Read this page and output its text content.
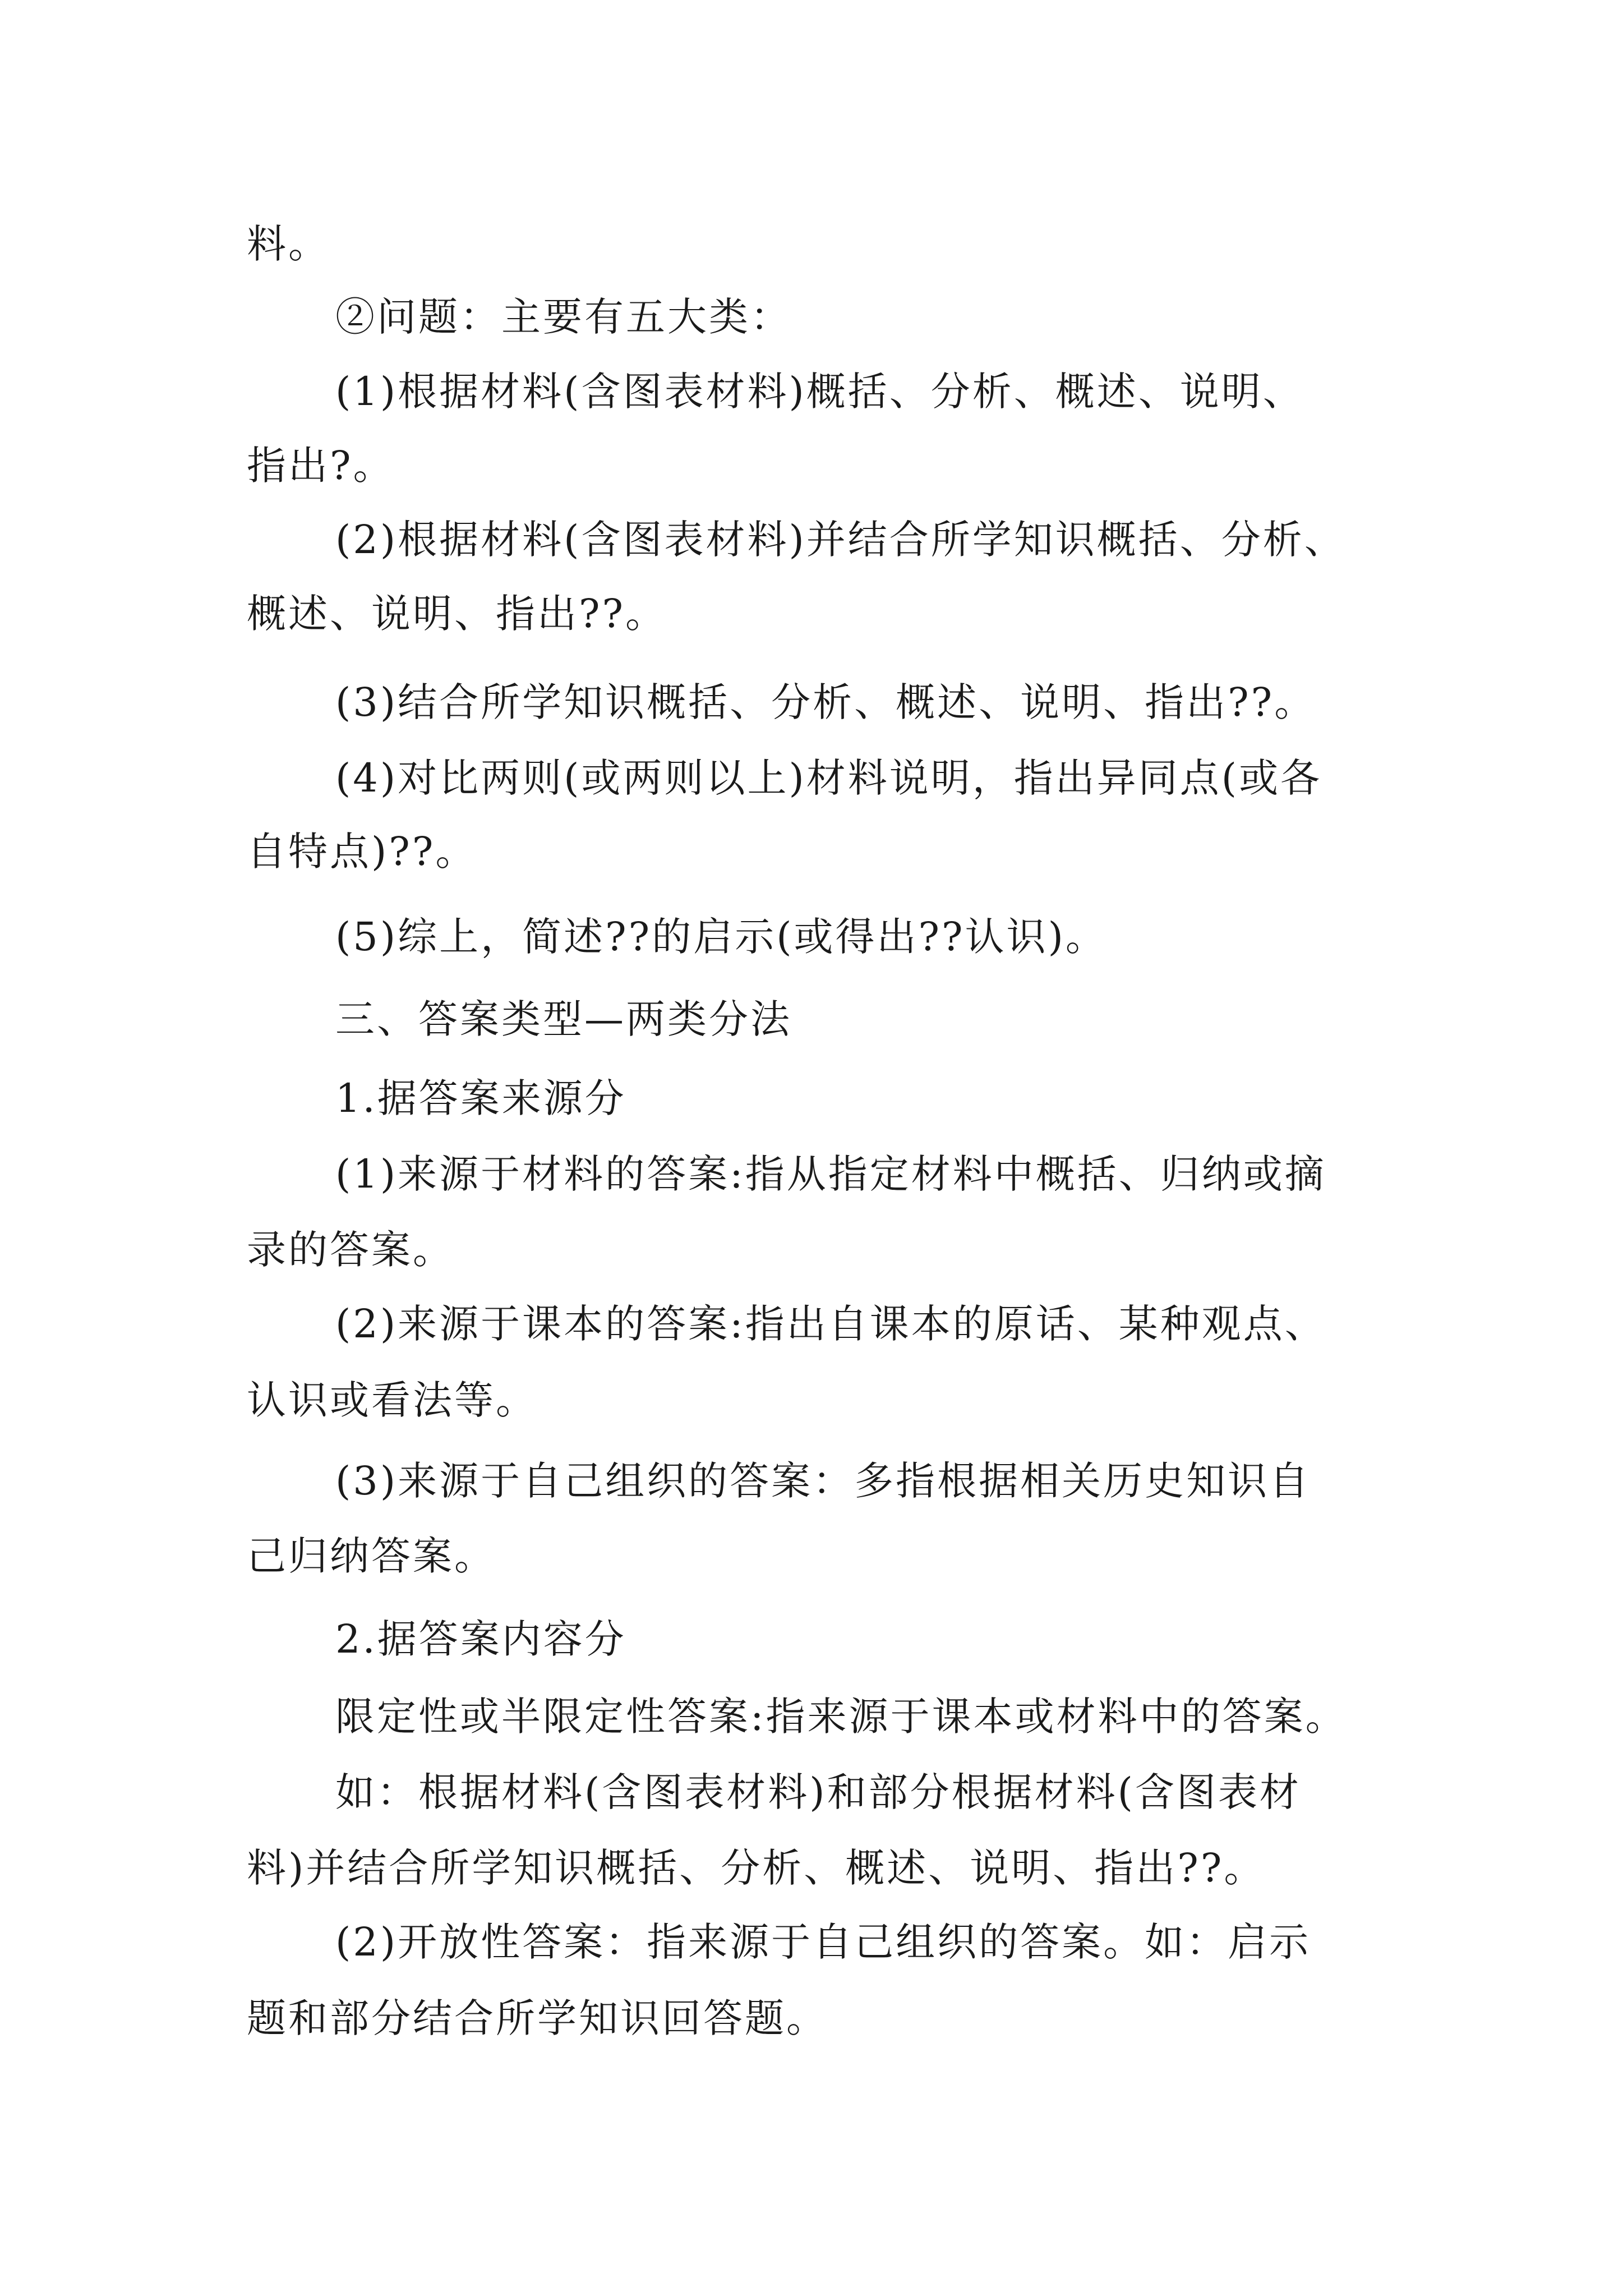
料。
②问题：主要有五大类：
(1)根据材料(含图表材料)概括、分析、概述、说明、
指出?。
(2)根据材料(含图表材料)并结合所学知识概括、分析、
概述、说明、指出??。
(3)结合所学知识概括、分析、概述、说明、指出??。
(4)对比两则(或两则以上)材料说明，指出异同点(或各
自特点)??。
(5)综上，简述??的启示(或得出??认识)。
三、答案类型—两类分法
1.据答案来源分
(1)来源于材料的答案:指从指定材料中概括、归纳或摘
录的答案。
(2)来源于课本的答案:指出自课本的原话、某种观点、
认识或看法等。
(3)来源于自己组织的答案：多指根据相关历史知识自
己归纳答案。
2.据答案内容分
限定性或半限定性答案:指来源于课本或材料中的答案。
如：根据材料(含图表材料)和部分根据材料(含图表材
料)并结合所学知识概括、分析、概述、说明、指出??。
(2)开放性答案：指来源于自己组织的答案。如：启示
题和部分结合所学知识回答题。
